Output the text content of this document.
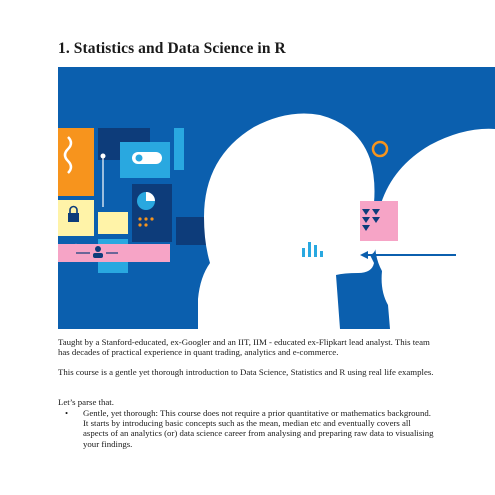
1. Statistics and Data Science in R

Taught by a Stanford-educated, ex-Googler and an IIT, IIM - educated ex-Flipkart lead analyst. This team has decades of practical experience in quant trading, analytics and e-commerce.

This course is a gentle yet thorough introduction to Data Science, Statistics and R using real life examples.

Let’s parse that.

• Gentle, yet thorough: This course does not require a prior quantitative or mathematics background. It starts by introducing basic concepts such as the mean, median etc and eventually covers all aspects of an analytics (or) data science career from analysing and preparing raw data to visualising your findings.
